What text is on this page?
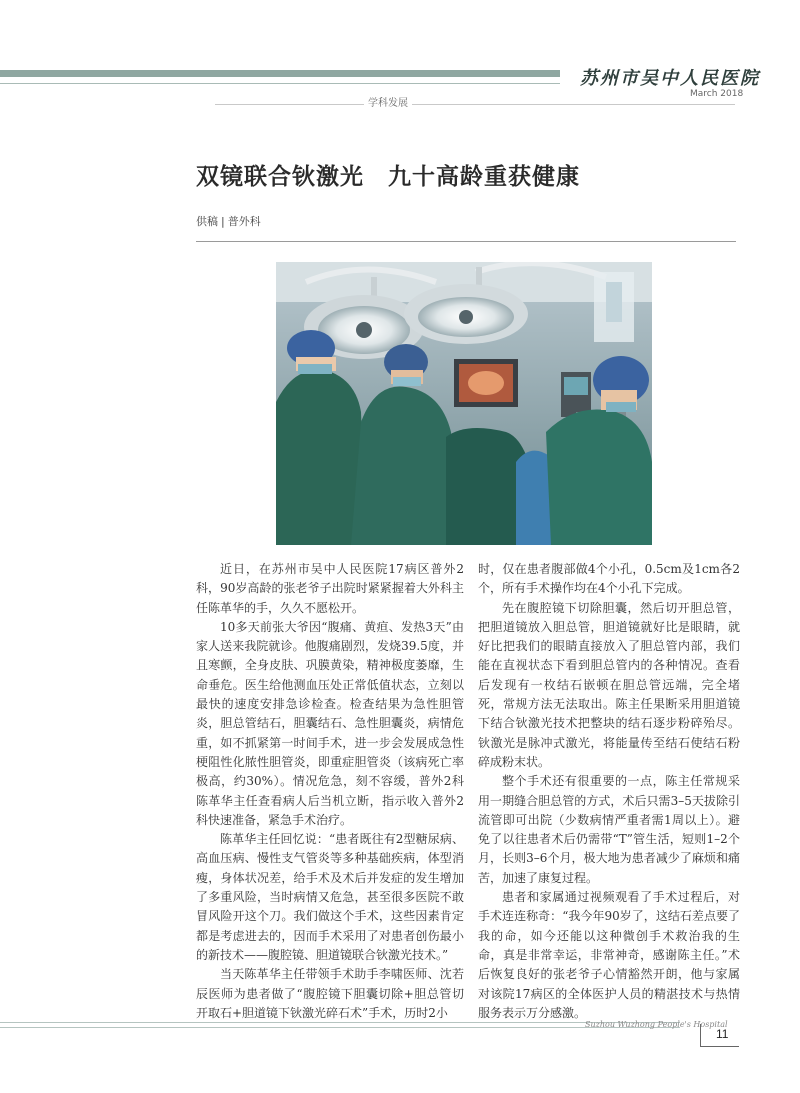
苏州市吴中人民医院
March 2018
学科发展
双镜联合钬激光　九十高龄重获健康
供稿 | 普外科

近日，在苏州市吴中人民医院17病区普外2科，90岁高龄的张老爷子出院时紧紧握着大外科主任陈革华的手，久久不愿松开。

10多天前张大爷因“腹痛、黄疸、发热3天”由家人送来我院就诊。他腹痛剧烈，发烧39.5度，并且寒颤，全身皮肤、巩膜黄染，精神极度萎靡，生命垂危。医生给他测血压处正常低值状态，立刻以最快的速度安排急诊检查。检查结果为急性胆管炎，胆总管结石，胆囊结石、急性胆囊炎，病情危重，如不抓紧第一时间手术，进一步会发展成急性梗阻性化脓性胆管炎，即重症胆管炎（该病死亡率极高，约30%）。情况危急，刻不容缓，普外2科陈革华主任查看病人后当机立断，指示收入普外2科快速准备，紧急手术治疗。

陈革华主任回忆说：“患者既往有2型糖尿病、高血压病、慢性支气管炎等多种基础疾病，体型消瘦，身体状况差，给手术及术后并发症的发生增加了多重风险，当时病情又危急，甚至很多医院不敢冒风险开这个刀。我们做这个手术，这些因素肯定都是考虑进去的，因而手术采用了对患者创伤最小的新技术——腹腔镜、胆道镜联合钬激光技术。”

当天陈革华主任带领手术助手李啸医师、沈若辰医师为患者做了“腹腔镜下胆囊切除+胆总管切开取石+胆道镜下钬激光碎石术”手术，历时2小

时，仅在患者腹部做4个小孔，0.5cm及1cm各2个，所有手术操作均在4个小孔下完成。

先在腹腔镜下切除胆囊，然后切开胆总管，把胆道镜放入胆总管，胆道镜就好比是眼睛，就好比把我们的眼睛直接放入了胆总管内部，我们能在直视状态下看到胆总管内的各种情况。查看后发现有一枚结石嵌顿在胆总管远端，完全堵死，常规方法无法取出。陈主任果断采用胆道镜下结合钬激光技术把整块的结石逐步粉碎殆尽。钬激光是脉冲式激光，将能量传至结石使结石粉碎成粉末状。

整个手术还有很重要的一点，陈主任常规采用一期缝合胆总管的方式，术后只需3–5天拔除引流管即可出院（少数病情严重者需1周以上）。避免了以往患者术后仍需带“T”管生活，短则1–2个月，长则3–6个月，极大地为患者减少了麻烦和痛苦，加速了康复过程。

患者和家属通过视频观看了手术过程后，对手术连连称奇：“我今年90岁了，这结石差点要了我的命，如今还能以这种微创手术救治我的生命，真是非常幸运，非常神奇，感谢陈主任。”术后恢复良好的张老爷子心情豁然开朗，他与家属对该院17病区的全体医护人员的精湛技术与热情服务表示万分感激。

Suzhou Wuzhong People's Hospital
11
